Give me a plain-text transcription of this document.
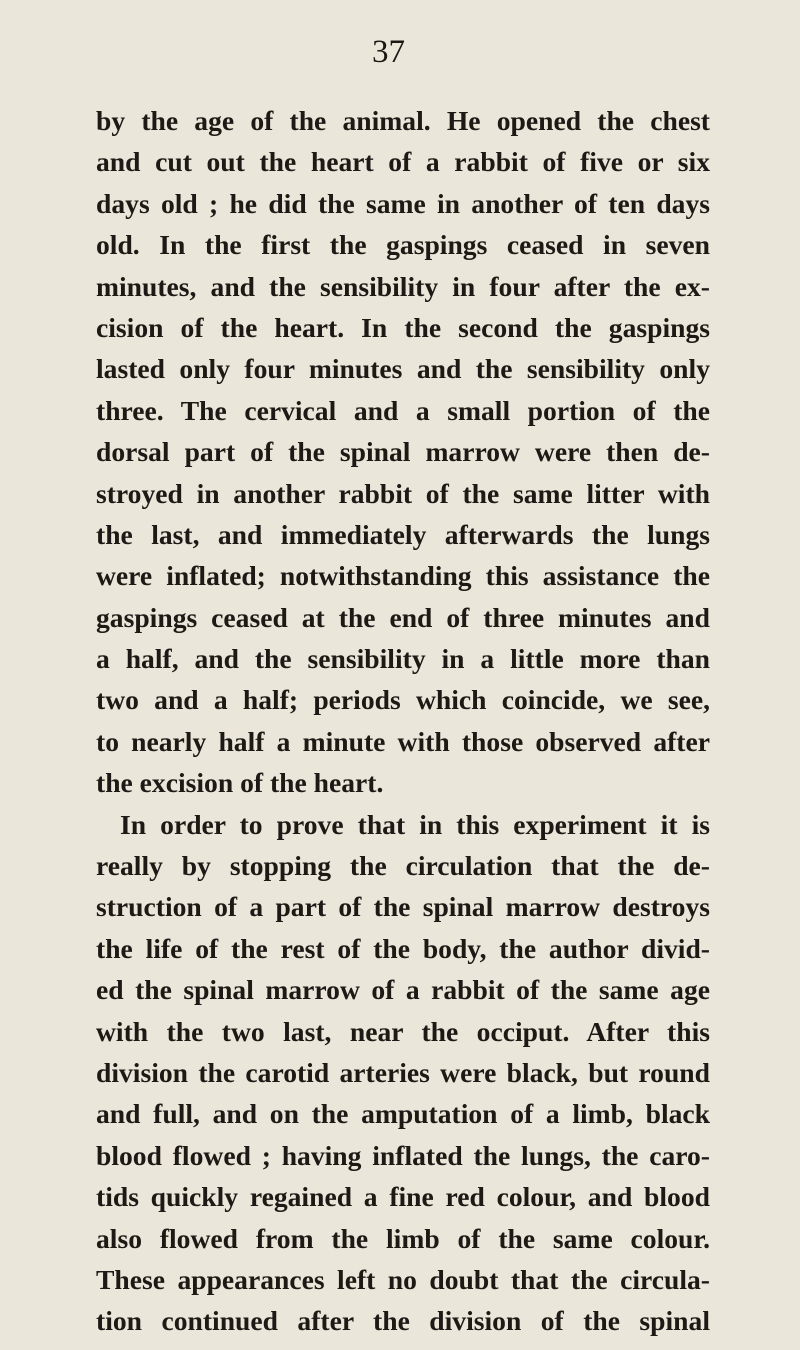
37
by the age of the animal. He opened the chest
and cut out the heart of a rabbit of five or six
days old ; he did the same in another of ten days
old. In the first the gaspings ceased in seven
minutes, and the sensibility in four after the ex-
cision of the heart. In the second the gaspings
lasted only four minutes and the sensibility only
three. The cervical and a small portion of the
dorsal part of the spinal marrow were then de-
stroyed in another rabbit of the same litter with
the last, and immediately afterwards the lungs
were inflated; notwithstanding this assistance the
gaspings ceased at the end of three minutes and
a half, and the sensibility in a little more than
two and a half; periods which coincide, we see,
to nearly half a minute with those observed after
the excision of the heart.
In order to prove that in this experiment it is
really by stopping the circulation that the de-
struction of a part of the spinal marrow destroys
the life of the rest of the body, the author divid-
ed the spinal marrow of a rabbit of the same age
with the two last, near the occiput. After this
division the carotid arteries were black, but round
and full, and on the amputation of a limb, black
blood flowed ; having inflated the lungs, the caro-
tids quickly regained a fine red colour, and blood
also flowed from the limb of the same colour.
These appearances left no doubt that the circula-
tion continued after the division of the spinal
